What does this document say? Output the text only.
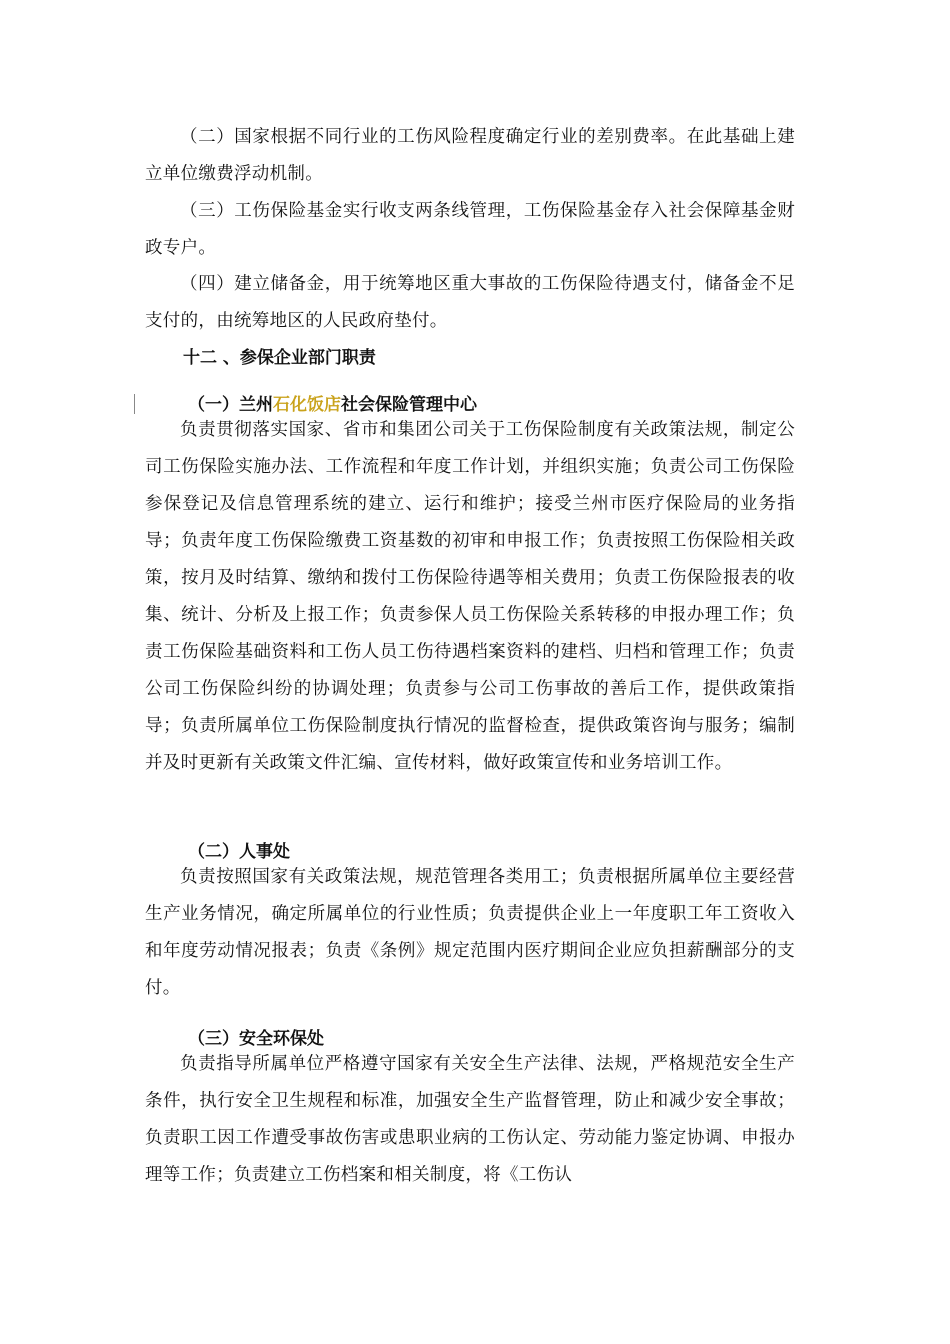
（二）国家根据不同行业的工伤风险程度确定行业的差别费率。在此基础上建立单位缴费浮动机制。

（三）工伤保险基金实行收支两条线管理，工伤保险基金存入社会保障基金财政专户。

（四）建立储备金，用于统筹地区重大事故的工伤保险待遇支付，储备金不足支付的，由统筹地区的人民政府垫付。

十二 、参保企业部门职责

（一）兰州石化饭店社会保险管理中心

负责贯彻落实国家、省市和集团公司关于工伤保险制度有关政策法规，制定公司工伤保险实施办法、工作流程和年度工作计划，并组织实施；负责公司工伤保险参保登记及信息管理系统的建立、运行和维护；接受兰州市医疗保险局的业务指导；负责年度工伤保险缴费工资基数的初审和申报工作；负责按照工伤保险相关政策，按月及时结算、缴纳和拨付工伤保险待遇等相关费用；负责工伤保险报表的收集、统计、分析及上报工作；负责参保人员工伤保险关系转移的申报办理工作；负责工伤保险基础资料和工伤人员工伤待遇档案资料的建档、归档和管理工作；负责公司工伤保险纠纷的协调处理；负责参与公司工伤事故的善后工作，提供政策指导；负责所属单位工伤保险制度执行情况的监督检查，提供政策咨询与服务；编制并及时更新有关政策文件汇编、宣传材料，做好政策宣传和业务培训工作。

（二）人事处

负责按照国家有关政策法规，规范管理各类用工；负责根据所属单位主要经营生产业务情况，确定所属单位的行业性质；负责提供企业上一年度职工年工资收入和年度劳动情况报表；负责《条例》规定范围内医疗期间企业应负担薪酬部分的支付。

（三）安全环保处

负责指导所属单位严格遵守国家有关安全生产法律、法规，严格规范安全生产条件，执行安全卫生规程和标准，加强安全生产监督管理，防止和减少安全事故；负责职工因工作遭受事故伤害或患职业病的工伤认定、劳动能力鉴定协调、申报办理等工作；负责建立工伤档案和相关制度，将《工伤认
